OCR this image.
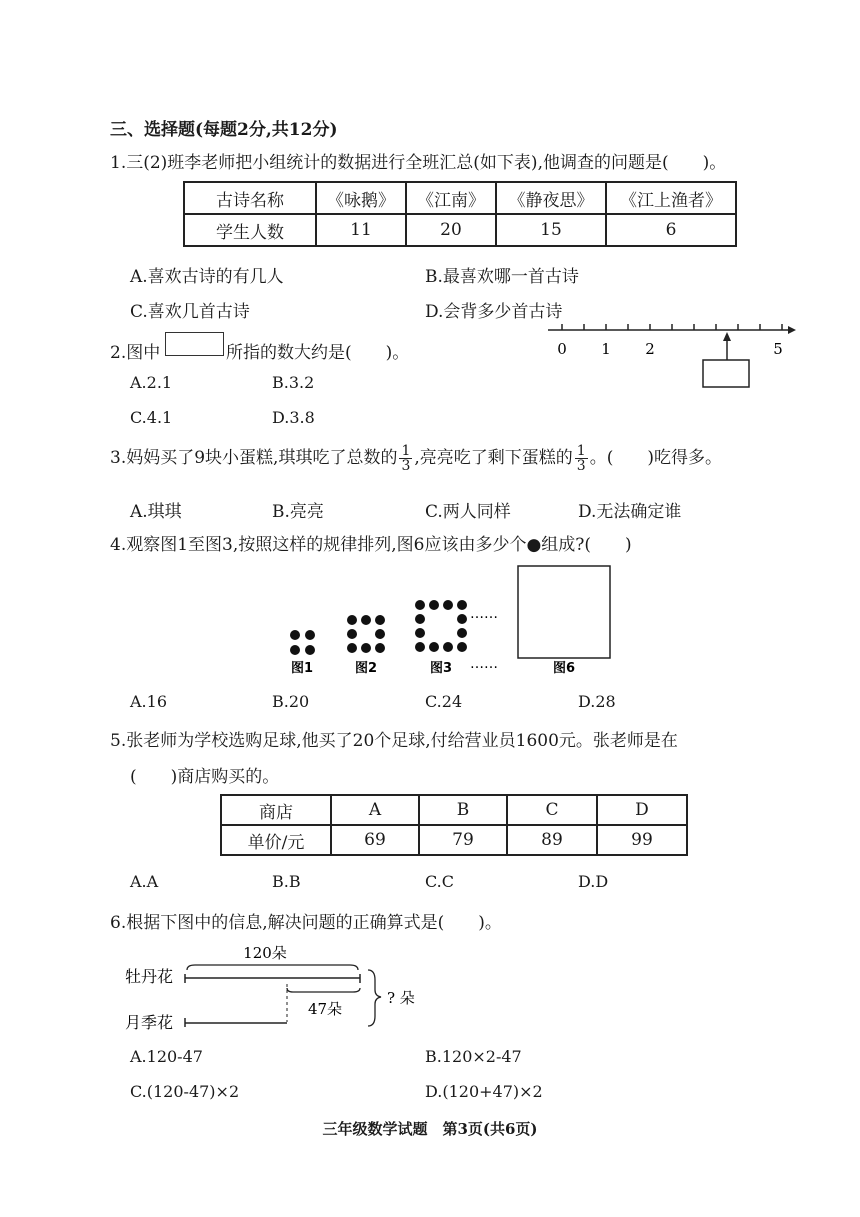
三、选择题(每题2分,共12分)
1.三(2)班李老师把小组统计的数据进行全班汇总(如下表),他调查的问题是(　　)。
古诗名称	《咏鹅》	《江南》	《静夜思》	《江上渔者》
学生人数	11	20	15	6
A.喜欢古诗的有几人	B.最喜欢哪一首古诗
C.喜欢几首古诗	D.会背多少首古诗
2.图中	所指的数大约是(　　)。
A.2.1	B.3.2
C.4.1	D.3.8
0 1 2	5
3.妈妈买了9块小蛋糕,琪琪吃了总数的 $\frac{1}{3}$ ,亮亮吃了剩下蛋糕的 $\frac{1}{3}$ 。(　　)吃得多。
A.琪琪	B.亮亮	C.两人同样	D.无法确定谁
4.观察图1至图3,按照这样的规律排列,图6应该由多少个●组成?(　　)
……
……
图1	图2	图3	图6
A.16	B.20	C.24	D.28
5.张老师为学校选购足球,他买了20个足球,付给营业员1600元。张老师是在
(　　)商店购买的。
商店	A	B	C	D
单价/元	69	79	89	99
A.A	B.B	C.C	D.D
6.根据下图中的信息,解决问题的正确算式是(　　)。
120朵
牡丹花
47朵
月季花
? 朵
A.120-47	B.120×2-47
C.(120-47)×2	D.(120+47)×2
三年级数学试题　第3页(共6页)
